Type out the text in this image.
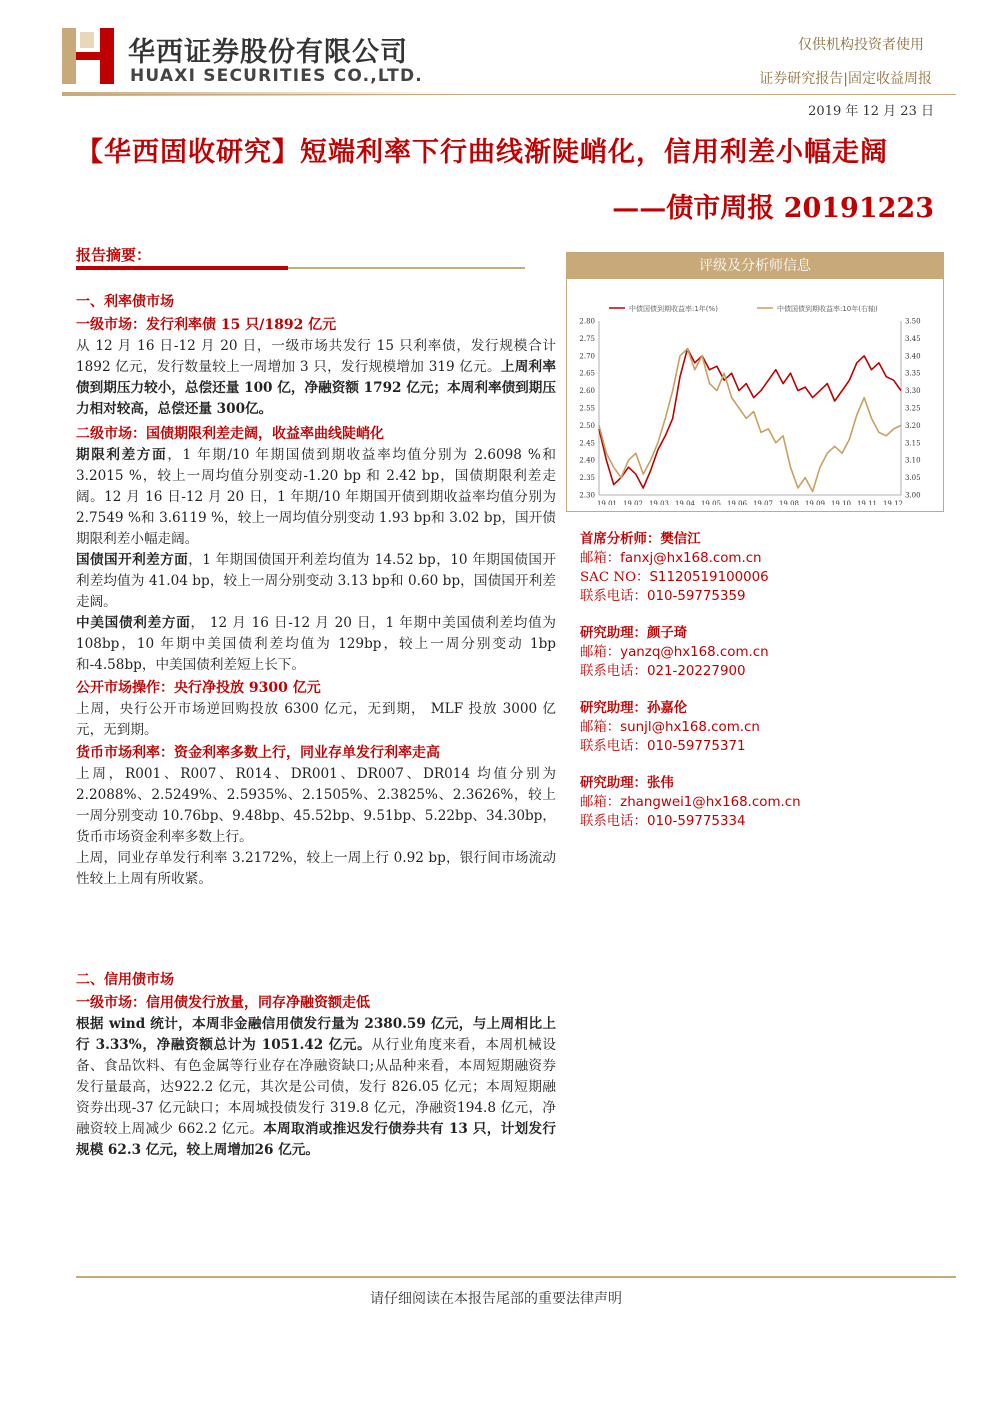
华西证券股份有限公司
HUAXI SECURITIES CO.,LTD.
仅供机构投资者使用
证券研究报告|固定收益周报
2019 年 12 月 23 日
【华西固收研究】短端利率下行曲线渐陡峭化，信用利差小幅走阔
——债市周报 20191223
报告摘要：

一、利率债市场

一级市场：发行利率债 15 只/1892 亿元

从 12 月 16 日-12 月 20 日，一级市场共发行 15 只利率债，发行规模合计 1892 亿元，发行数量较上一周增加 3 只，发行规模增加 319 亿元。上周利率债到期压力较小，总偿还量 100 亿，净融资额 1792 亿元；本周利率债到期压力相对较高，总偿还量 300亿。

二级市场：国债期限利差走阔，收益率曲线陡峭化

期限利差方面，1 年期/10 年期国债到期收益率均值分别为 2.6098 %和 3.2015 %，较上一周均值分别变动-1.20 bp 和 2.42 bp，国债期限利差走阔。12 月 16 日-12 月 20 日，1 年期/10 年期国开债到期收益率均值分别为 2.7549 %和 3.6119 %，较上一周均值分别变动 1.93 bp和 3.02 bp，国开债期限利差小幅走阔。

国债国开利差方面，1 年期国债国开利差均值为 14.52 bp，10 年期国债国开利差均值为 41.04 bp，较上一周分别变动 3.13 bp和 0.60 bp，国债国开利差走阔。

中美国债利差方面， 12 月 16 日-12 月 20 日，1 年期中美国债利差均值为 108bp，10 年期中美国债利差均值为 129bp，较上一周分别变动 1bp和-4.58bp，中美国债利差短上长下。

公开市场操作：央行净投放 9300 亿元

上周，央行公开市场逆回购投放 6300 亿元，无到期， MLF 投放 3000 亿元，无到期。

货币市场利率：资金利率多数上行，同业存单发行利率走高

上周，R001、R007、R014、DR001、DR007、DR014 均值分别为 2.2088%、2.5249%、2.5935%、2.1505%、2.3825%、2.3626%，较上一周分别变动 10.76bp、9.48bp、45.52bp、9.51bp、5.22bp、34.30bp，货币市场资金利率多数上行。

上周，同业存单发行利率 3.2172%，较上一周上行 0.92 bp，银行间市场流动性较上上周有所收紧。

二、信用债市场

一级市场：信用债发行放量，同存净融资额走低

根据 wind 统计，本周非金融信用债发行量为 2380.59 亿元，与上周相比上行 3.33%，净融资额总计为 1051.42 亿元。从行业角度来看，本周机械设备、食品饮料、有色金属等行业存在净融资缺口;从品种来看，本周短期融资券发行量最高，达922.2 亿元，其次是公司债，发行 826.05 亿元；本周短期融资券出现-37 亿元缺口；本周城投债发行 319.8 亿元，净融资194.8 亿元，净融资较上周减少 662.2 亿元。本周取消或推迟发行债券共有 13 只，计划发行规模 62.3 亿元，较上周增加26 亿元。

评级及分析师信息
中债国债到期收益率:1年(%)	中债国债到期收益率:10年(右轴)
2.80
2.75
2.70
2.65
2.60
2.55
2.50
2.45
2.40
2.35
2.30
3.50
3.45
3.40
3.35
3.30
3.25
3.20
3.15
3.10
3.05
3.00
19 01 19 02 19 03 19 04 19 05 19 06 19 07 19 08 19 09 19 10 19 11 19 12
首席分析师：樊信江
邮箱：fanxj@hx168.com.cn
SAC NO：S1120519100006
联系电话：010-59775359
研究助理：颜子琦
邮箱：yanzq@hx168.com.cn
联系电话：021-20227900
研究助理：孙嘉伦
邮箱：sunjl@hx168.com.cn
联系电话：010-59775371
研究助理：张伟
邮箱：zhangwei1@hx168.com.cn
联系电话：010-59775334
请仔细阅读在本报告尾部的重要法律声明
